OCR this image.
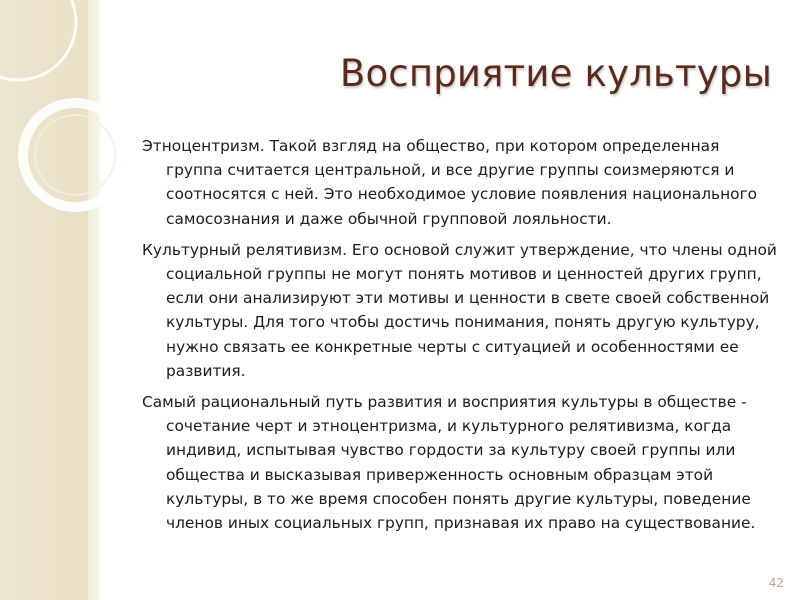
Восприятие культуры

Этноцентризм. Такой взгляд на общество, при котором определенная группа считается центральной, и все другие группы соизмеряются и соотносятся с ней. Это необходимое условие появления национального самосознания и даже обычной групповой лояльности.

Культурный релятивизм. Его основой служит утверждение, что члены одной социальной группы не могут понять мотивов и ценностей других групп, если они анализируют эти мотивы и ценности в свете своей собственной культуры. Для того чтобы достичь понимания, понять другую культуру, нужно связать ее конкретные черты с ситуацией и особенностями ее развития.

Самый рациональный путь развития и восприятия культуры в обществе - сочетание черт и этноцентризма, и культурного релятивизма, когда индивид, испытывая чувство гордости за культуру своей группы или общества и высказывая приверженность основным образцам этой культуры, в то же время способен понять другие культуры, поведение членов иных социальных групп, признавая их право на существование.

42
